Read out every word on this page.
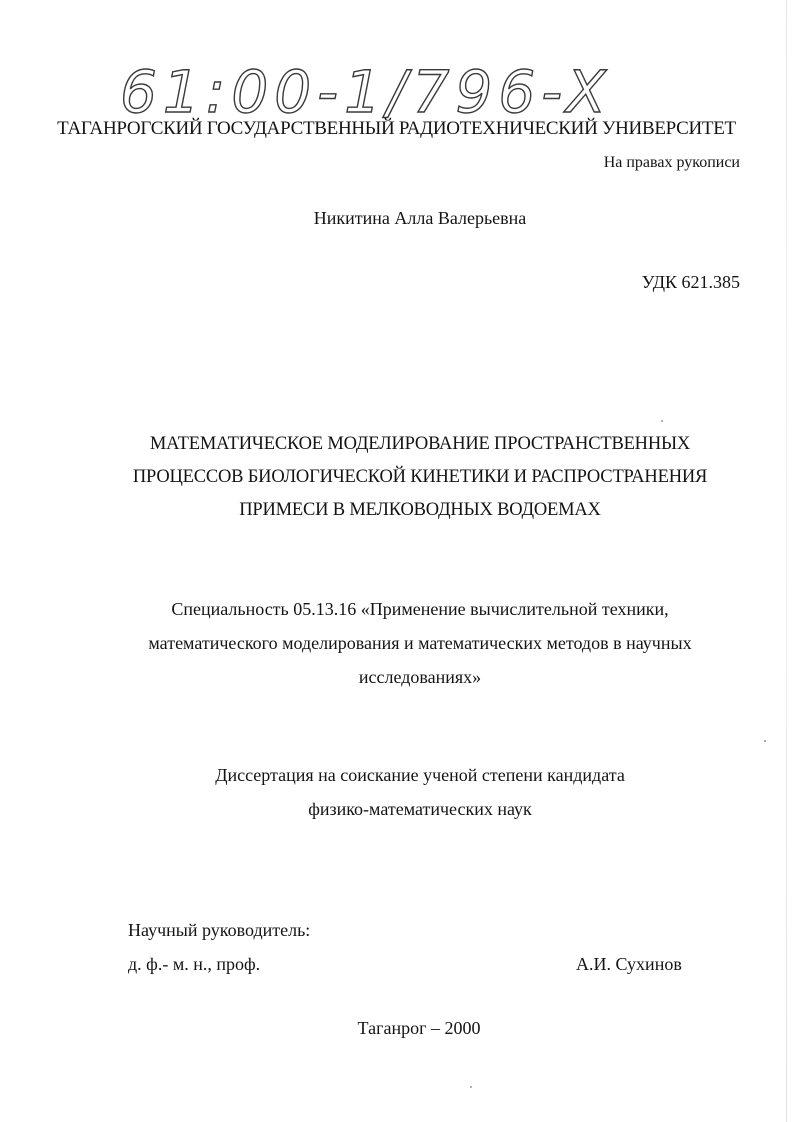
61:00-1/796-X
ТАГАНРОГСКИЙ ГОСУДАРСТВЕННЫЙ РАДИОТЕХНИЧЕСКИЙ УНИВЕРСИТЕТ
На правах рукописи
Никитина Алла Валерьевна
УДК 621.385
МАТЕМАТИЧЕСКОЕ МОДЕЛИРОВАНИЕ ПРОСТРАНСТВЕННЫХ
ПРОЦЕССОВ БИОЛОГИЧЕСКОЙ КИНЕТИКИ И РАСПРОСТРАНЕНИЯ
ПРИМЕСИ В МЕЛКОВОДНЫХ ВОДОЕМАХ
Специальность 05.13.16 «Применение вычислительной техники,
математического моделирования и математических методов в научных
исследованиях»
Диссертация на соискание ученой степени кандидата
физико-математических наук
Научный руководитель:
д. ф.- м. н., проф.	А.И. Сухинов
Таганрог – 2000
